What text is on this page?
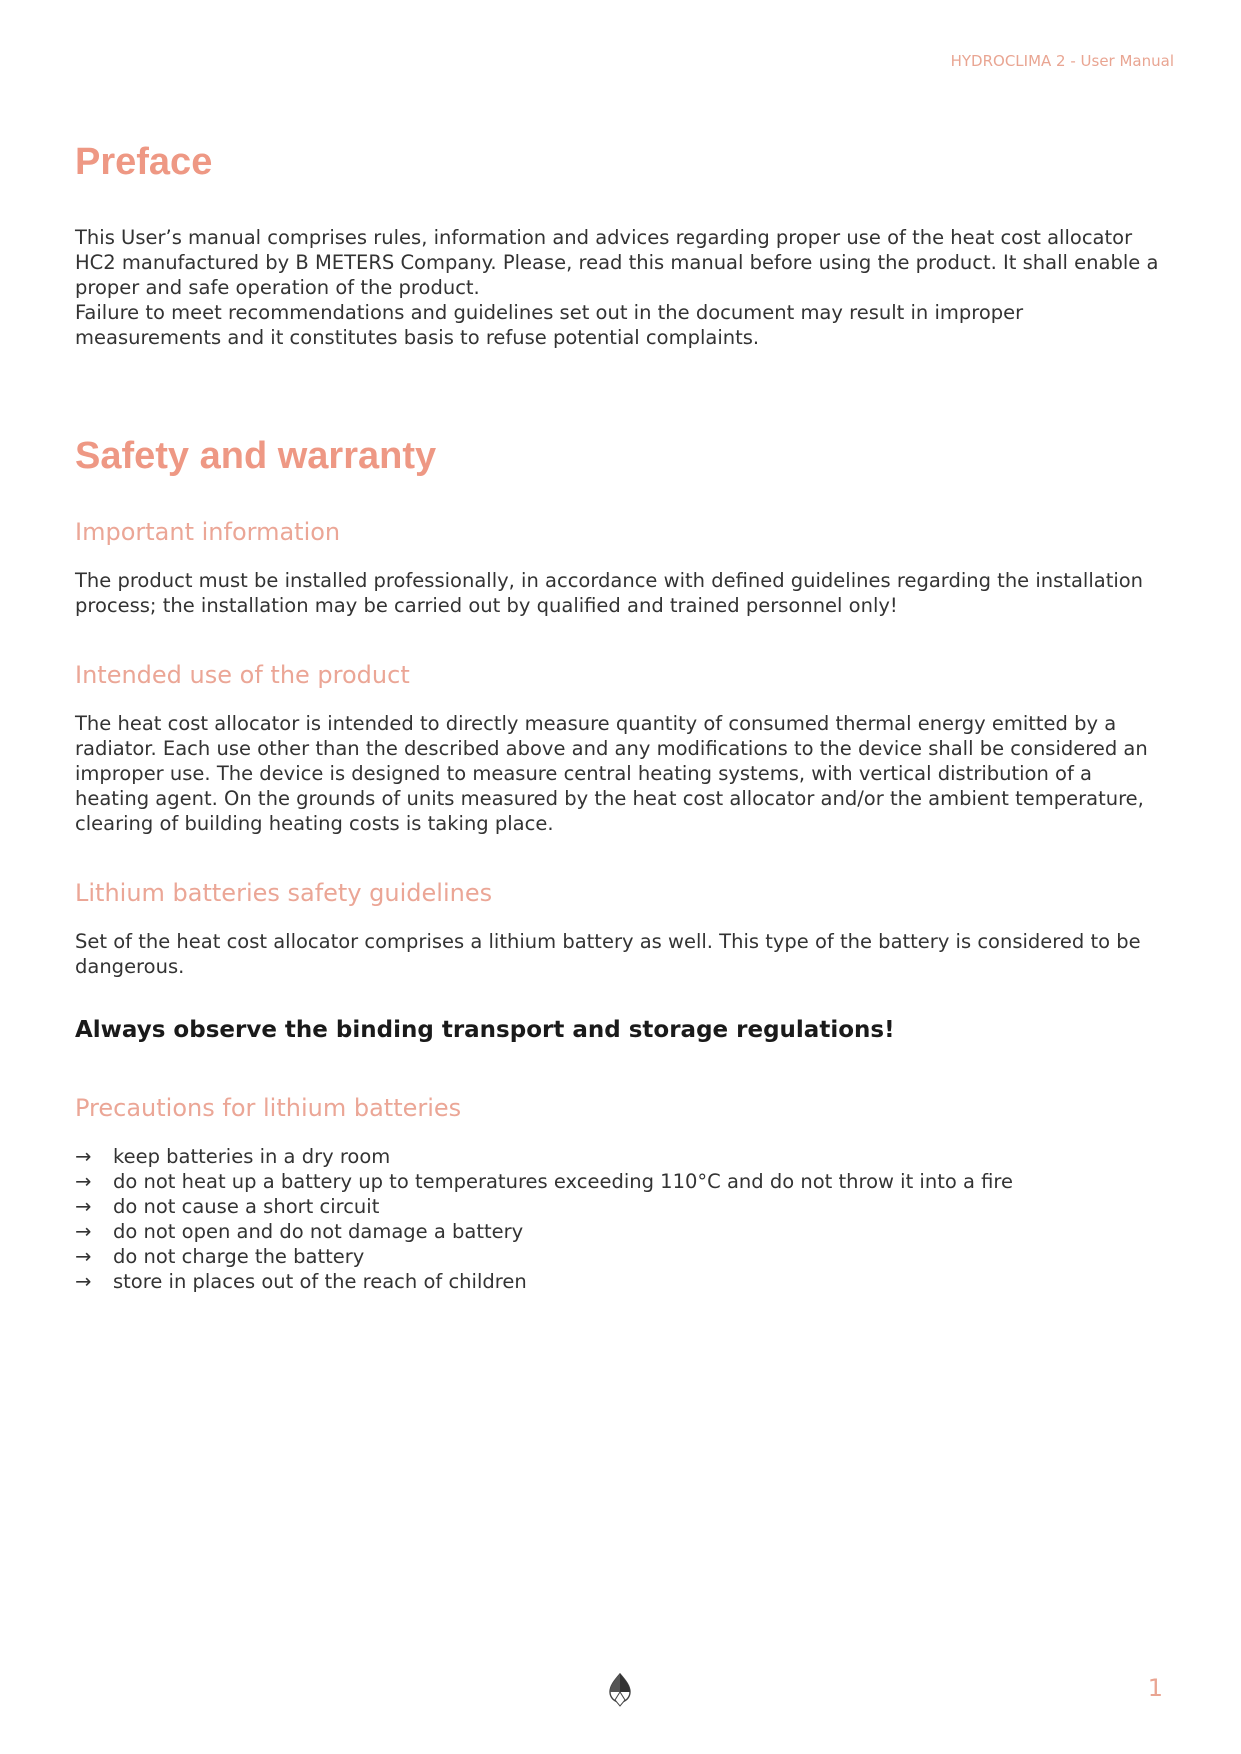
HYDROCLIMA 2 - User Manual
Preface

This User’s manual comprises rules, information and advices regarding proper use of the heat cost allocator HC2 manufactured by B METERS Company. Please, read this manual before using the product. It shall enable a proper and safe operation of the product.

Failure to meet recommendations and guidelines set out in the document may result in improper measurements and it constitutes basis to refuse potential complaints.

Safety and warranty
Important information

The product must be installed professionally, in accordance with defined guidelines regarding the installation process; the installation may be carried out by qualified and trained personnel only!

Intended use of the product

The heat cost allocator is intended to directly measure quantity of consumed thermal energy emitted by a radiator. Each use other than the described above and any modifications to the device shall be considered an improper use. The device is designed to measure central heating systems, with vertical distribution of a heating agent. On the grounds of units measured by the heat cost allocator and/or the ambient temperature, clearing of building heating costs is taking place.

Lithium batteries safety guidelines

Set of the heat cost allocator comprises a lithium battery as well. This type of the battery is considered to be dangerous.

Always observe the binding transport and storage regulations!

Precautions for lithium batteries
→ keep batteries in a dry room
→ do not heat up a battery up to temperatures exceeding 110°C and do not throw it into a fire
→ do not cause a short circuit
→ do not open and do not damage a battery
→ do not charge the battery
→ store in places out of the reach of children
1
